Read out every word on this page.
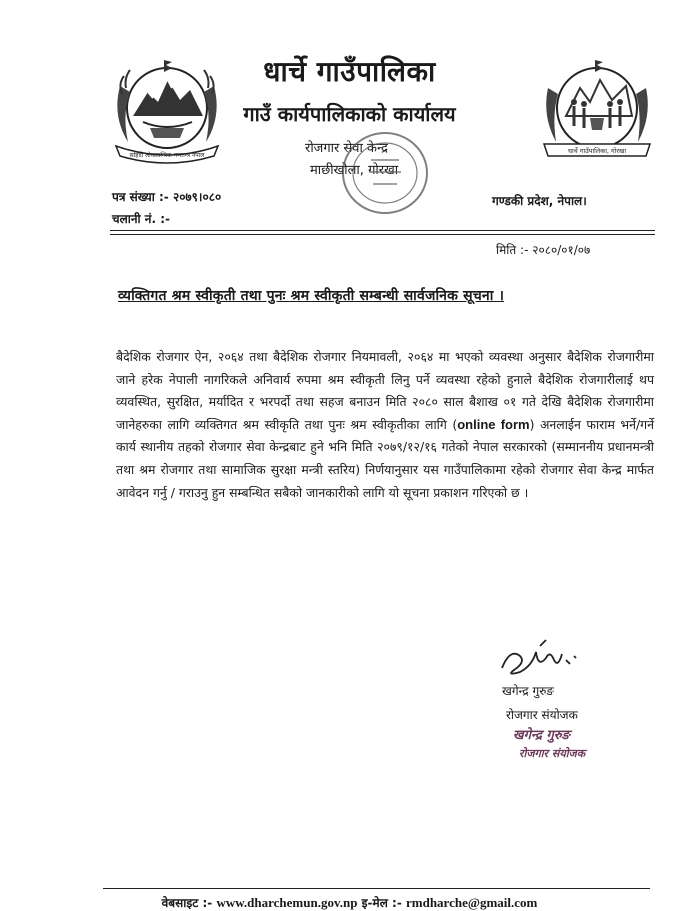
सहिदी लोकतान्त्रिक गणतन्त्र नेपाल
धार्चे गाउँपालिका, गोरखा
धार्चे गाउँपालिका
गाउँ कार्यपालिकाको कार्यालय
रोजगार सेवा केन्द्र
माछीखोला, गोरखा
पत्र संख्या :- २०७९।०८०
चलानी नं. :-
गण्डकी प्रदेश, नेपाल।
मिति :- २०८०/०१/०७
व्यक्तिगत श्रम स्वीकृती तथा पुनः श्रम स्वीकृती सम्बन्धी सार्वजनिक सूचना ।
बैदेशिक रोजगार ऐन, २०६४ तथा बैदेशिक रोजगार नियमावली, २०६४ मा भएको व्यवस्था अनुसार बैदेशिक रोजगारीमा जाने हरेक नेपाली नागरिकले अनिवार्य रुपमा श्रम स्वीकृती लिनु पर्ने व्यवस्था रहेको हुनाले बैदेशिक रोजगारीलाई थप व्यवस्थित, सुरक्षित, मर्यादित र भरपर्दो तथा सहज बनाउन मिति २०८० साल बैशाख ०१ गते देखि बैदेशिक रोजगारीमा जानेहरुका लागि व्यक्तिगत श्रम स्वीकृति तथा पुनः श्रम स्वीकृतीका लागि (online form) अनलाईन फाराम भर्ने/गर्ने कार्य स्थानीय तहको रोजगार सेवा केन्द्रबाट हुने भनि मिति २०७९/१२/१६ गतेको नेपाल सरकारको (सम्माननीय प्रधानमन्त्री तथा श्रम रोजगार तथा सामाजिक सुरक्षा मन्त्री स्तरिय) निर्णयानुसार यस गाउँपालिकामा रहेको रोजगार सेवा केन्द्र मार्फत आवेदन गर्नु / गराउनु हुन सम्बन्धित सबैको जानकारीको लागि यो सूचना प्रकाशन गरिएको छ ।
खगेन्द्र गुरुङ
रोजगार संयोजक
खगेन्द्र गुरुङ
रोजगार संयोजक
वेबसाइट :- www.dharchemun.gov.np इ-मेल :- rmdharche@gmail.com
